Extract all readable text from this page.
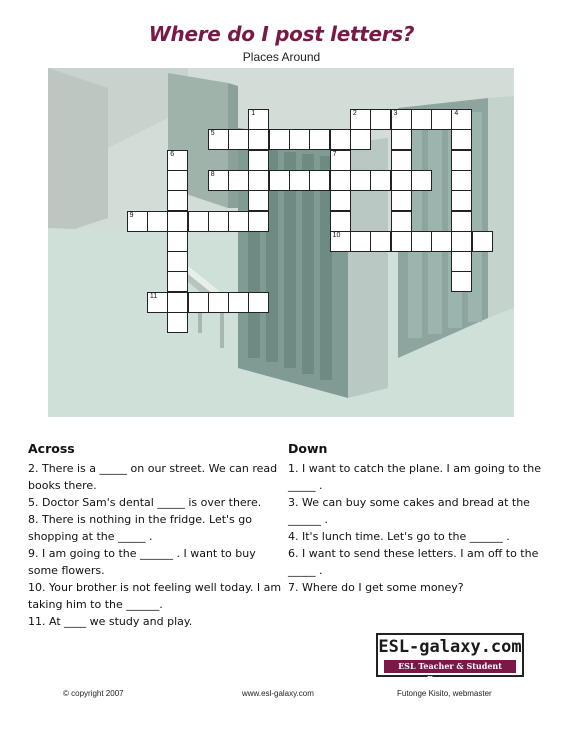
Where do I post letters?
Places Around
1	2	3	4
5
6	7
8
9
10
11
Across
2. There is a _____ on our street. We can read books there.
5. Doctor Sam's dental _____ is over there.
8. There is nothing in the fridge. Let's go shopping at the _____ .
9. I am going to the ______ . I want to buy some flowers.
10. Your brother is not feeling well today. I am taking him to the ______.
11. At ____ we study and play.
Down
1. I want to catch the plane. I am going to the _____ .
3. We can buy some cakes and bread at the ______ .
4. It's lunch time. Let's go to the ______ .
6. I want to send these letters. I am off to the _____ .
7. Where do I get some money?
ESL-galaxy.com
ESL Teacher & Student Resources
© copyright 2007	www.esl-galaxy.com	Futonge Kisito, webmaster
